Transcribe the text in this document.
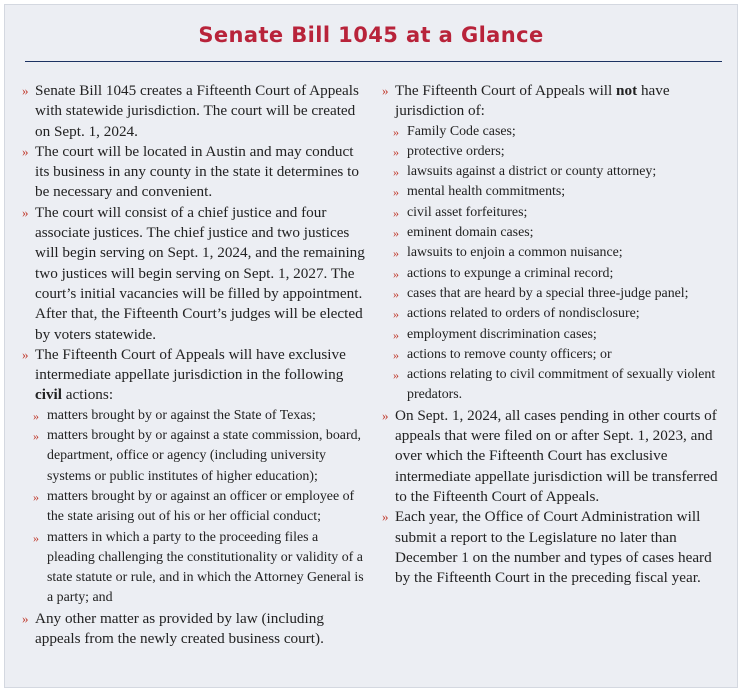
Senate Bill 1045 at a Glance
» Senate Bill 1045 creates a Fifteenth Court of Appeals with statewide jurisdiction. The court will be created on Sept. 1, 2024.
» The court will be located in Austin and may conduct its business in any county in the state it determines to be necessary and convenient.
» The court will consist of a chief justice and four associate justices. The chief justice and two justices will begin serving on Sept. 1, 2024, and the remaining two justices will begin serving on Sept. 1, 2027. The court’s initial vacancies will be filled by appointment. After that, the Fifteenth Court’s judges will be elected by voters statewide.
» The Fifteenth Court of Appeals will have exclusive intermediate appellate jurisdiction in the following civil actions:
» matters brought by or against the State of Texas;
» matters brought by or against a state commission, board, department, office or agency (including university systems or public institutes of higher education);
» matters brought by or against an officer or employee of the state arising out of his or her official conduct;
» matters in which a party to the proceeding files a pleading challenging the constitutionality or validity of a state statute or rule, and in which the Attorney General is a party; and
» Any other matter as provided by law (including appeals from the newly created business court).
» The Fifteenth Court of Appeals will not have jurisdiction of:
» Family Code cases;
» protective orders;
» lawsuits against a district or county attorney;
» mental health commitments;
» civil asset forfeitures;
» eminent domain cases;
» lawsuits to enjoin a common nuisance;
» actions to expunge a criminal record;
» cases that are heard by a special three-judge panel;
» actions related to orders of nondisclosure;
» employment discrimination cases;
» actions to remove county officers; or
» actions relating to civil commitment of sexually violent predators.
» On Sept. 1, 2024, all cases pending in other courts of appeals that were filed on or after Sept. 1, 2023, and over which the Fifteenth Court has exclusive intermediate appellate jurisdiction will be transferred to the Fifteenth Court of Appeals.
» Each year, the Office of Court Administration will submit a report to the Legislature no later than December 1 on the number and types of cases heard by the Fifteenth Court in the preceding fiscal year.
